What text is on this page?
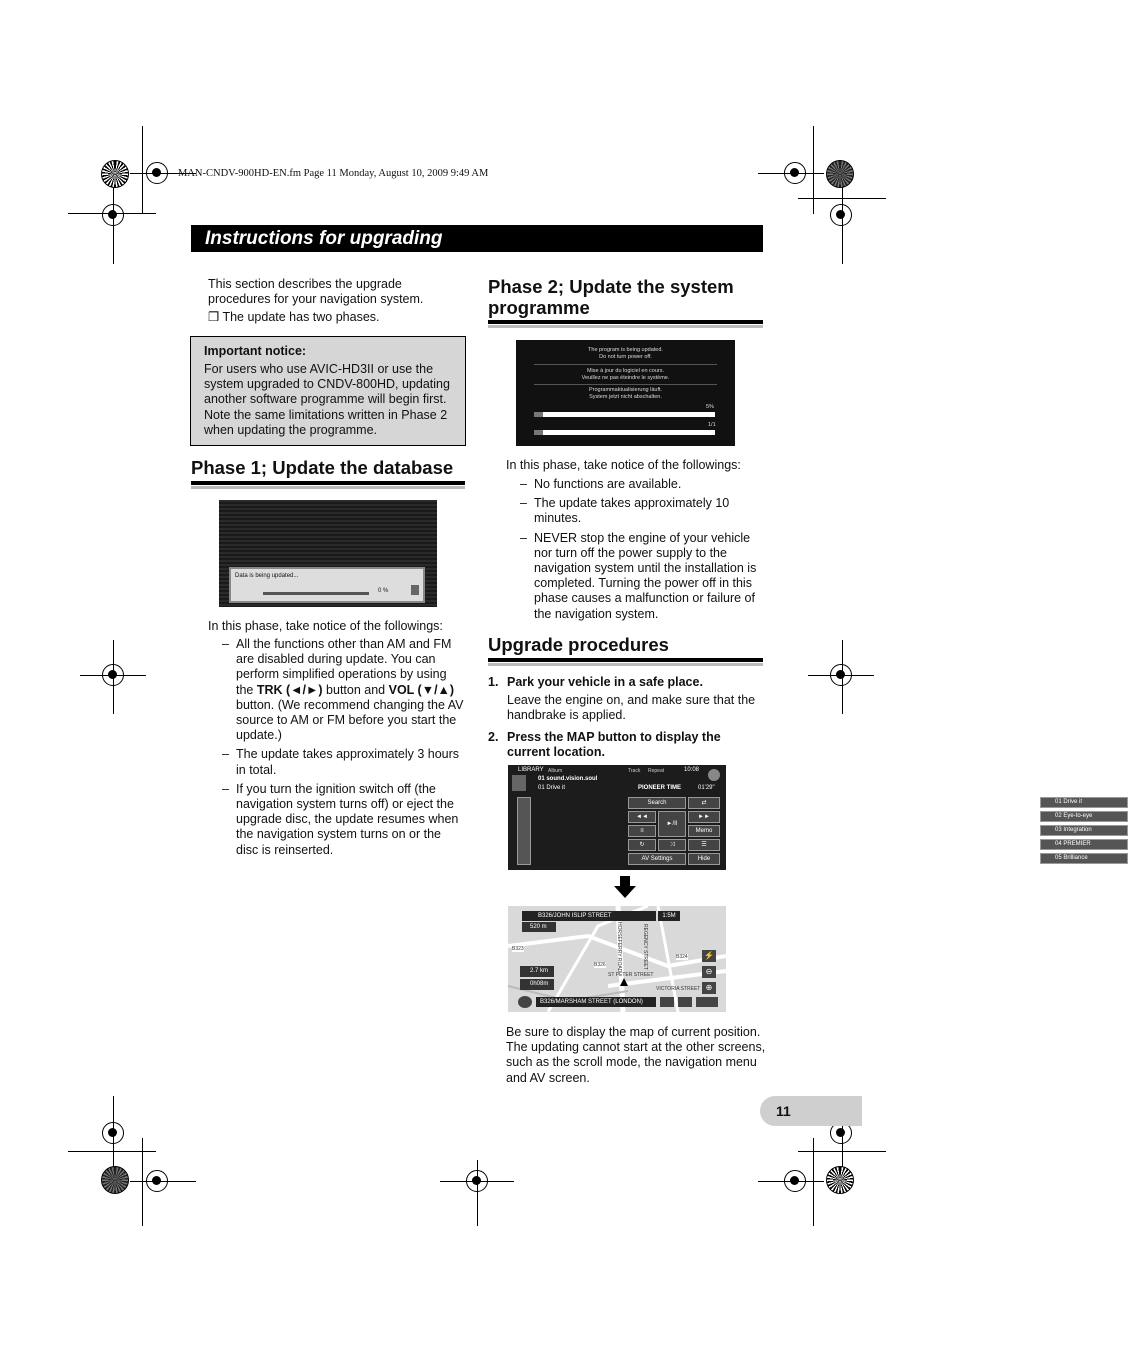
MAN-CNDV-900HD-EN.fm Page 11 Monday, August 10, 2009 9:49 AM
Instructions for upgrading
This section describes the upgrade procedures for your navigation system.
❒ The update has two phases.
Important notice:
For users who use AVIC-HD3II or use the system upgraded to CNDV-800HD, updating another software programme will begin first. Note the same limitations written in Phase 2 when updating the programme.
Phase 1; Update the database
Data is being updated...
0 %
In this phase, take notice of the followings:
– All the functions other than AM and FM are disabled during update. You can perform simplified operations by using the TRK (◄/►) button and VOL (▼/▲) button. (We recommend changing the AV source to AM or FM before you start the update.)
– The update takes approximately 3 hours in total.
– If you turn the ignition switch off (the navigation system turns off) or eject the upgrade disc, the update resumes when the navigation system turns on or the disc is reinserted.
Phase 2; Update the system programme
The program is being updated.
Do not turn power off.
Mise à jour du logiciel en cours.
Veuillez ne pas éteindre le système.
Programmaktualisierung läuft.
System jetzt nicht abschalten.
5%
1/1
In this phase, take notice of the followings:
– No functions are available.
– The update takes approximately 10 minutes.
– NEVER stop the engine of your vehicle nor turn off the power supply to the navigation system until the installation is completed. Turning the power off in this phase causes a malfunction or failure of the navigation system.
Upgrade procedures
1. Park your vehicle in a safe place.
Leave the engine on, and make sure that the handbrake is applied.
2. Press the MAP button to display the current location.
LIBRARY Album	Track Repeat	10:08
01 sound.vision.soul
01 Drive it	PIONEER TIME	01'29"
01 Drive it
02 Eye-to-eye
03 Integration
04 PREMIER
05 Brilliance
Search	⇄
◄◄
►/II
►►
≡	Memo
↻	⤨	☰
AV Settings	Hide
B326/JOHN ISLIP STREET	1:5M
520 m	HORSEFERRY ROAD	REGENCY STREET
ST PETER STREET
VICTORIA STREET
B326
B324
B323
2.7 km
0h08m
⚡
⊖
⊕
B326/MARSHAM STREET (LONDON)
Be sure to display the map of current position. The updating cannot start at the other screens, such as the scroll mode, the navigation menu and AV screen.
11
